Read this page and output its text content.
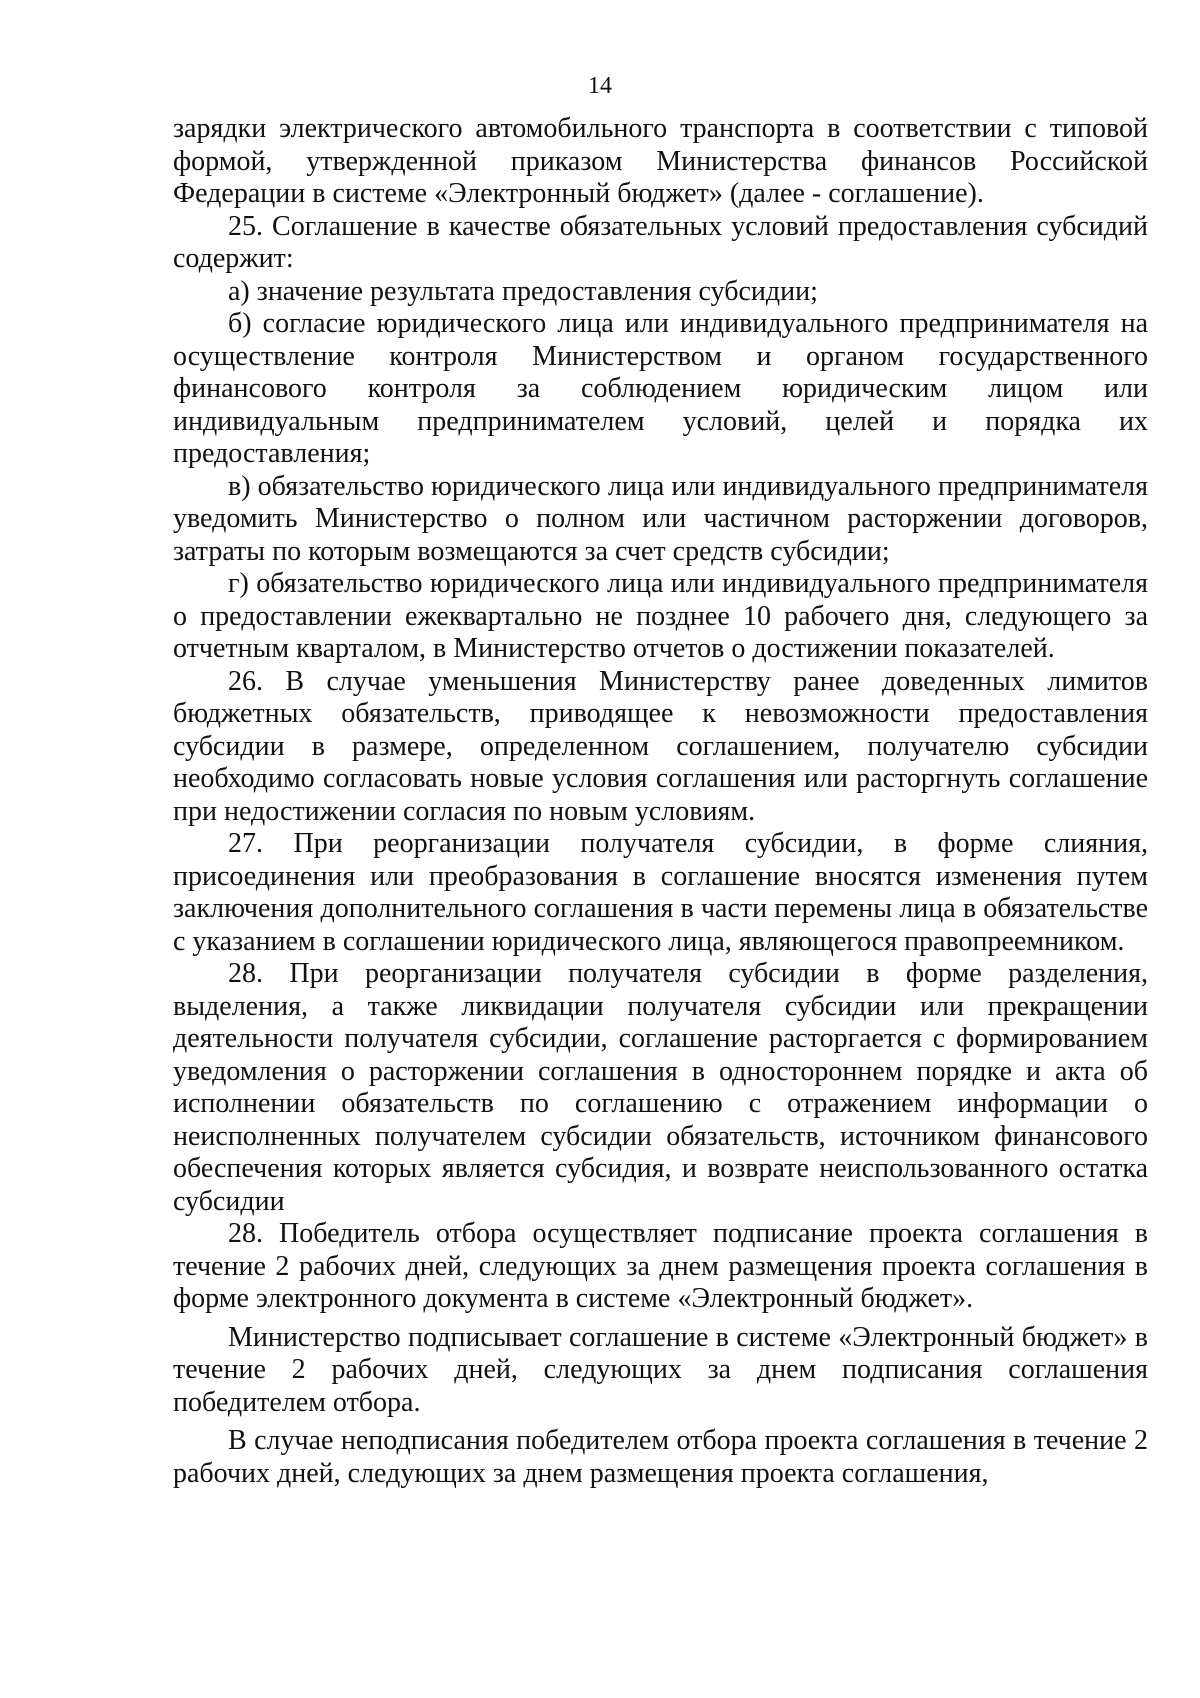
14

зарядки электрического автомобильного транспорта в соответствии с типовой формой, утвержденной приказом Министерства финансов Российской Федерации в системе «Электронный бюджет» (далее - соглашение).

25. Соглашение в качестве обязательных условий предоставления субсидий содержит:

а) значение результата предоставления субсидии;

б) согласие юридического лица или индивидуального предпринимателя на осуществление контроля Министерством и органом государственного финансового контроля за соблюдением юридическим лицом или индивидуальным предпринимателем условий, целей и порядка их предоставления;

в) обязательство юридического лица или индивидуального предпринимателя уведомить Министерство о полном или частичном расторжении договоров, затраты по которым возмещаются за счет средств субсидии;

г) обязательство юридического лица или индивидуального предпринимателя о предоставлении ежеквартально не позднее 10 рабочего дня, следующего за отчетным кварталом, в Министерство отчетов о достижении показателей.

26. В случае уменьшения Министерству ранее доведенных лимитов бюджетных обязательств, приводящее к невозможности предоставления субсидии в размере, определенном соглашением, получателю субсидии необходимо согласовать новые условия соглашения или расторгнуть соглашение при недостижении согласия по новым условиям.

27. При реорганизации получателя субсидии, в форме слияния, присоединения или преобразования в соглашение вносятся изменения путем заключения дополнительного соглашения в части перемены лица в обязательстве с указанием в соглашении юридического лица, являющегося правопреемником.

28. При реорганизации получателя субсидии в форме разделения, выделения, а также ликвидации получателя субсидии или прекращении деятельности получателя субсидии, соглашение расторгается с формированием уведомления о расторжении соглашения в одностороннем порядке и акта об исполнении обязательств по соглашению с отражением информации о неисполненных получателем субсидии обязательств, источником финансового обеспечения которых является субсидия, и возврате неиспользованного остатка субсидии

28. Победитель отбора осуществляет подписание проекта соглашения в течение 2 рабочих дней, следующих за днем размещения проекта соглашения в форме электронного документа в системе «Электронный бюджет».

Министерство подписывает соглашение в системе «Электронный бюджет» в течение 2 рабочих дней, следующих за днем подписания соглашения победителем отбора.

В случае неподписания победителем отбора проекта соглашения в течение 2 рабочих дней, следующих за днем размещения проекта соглашения,
